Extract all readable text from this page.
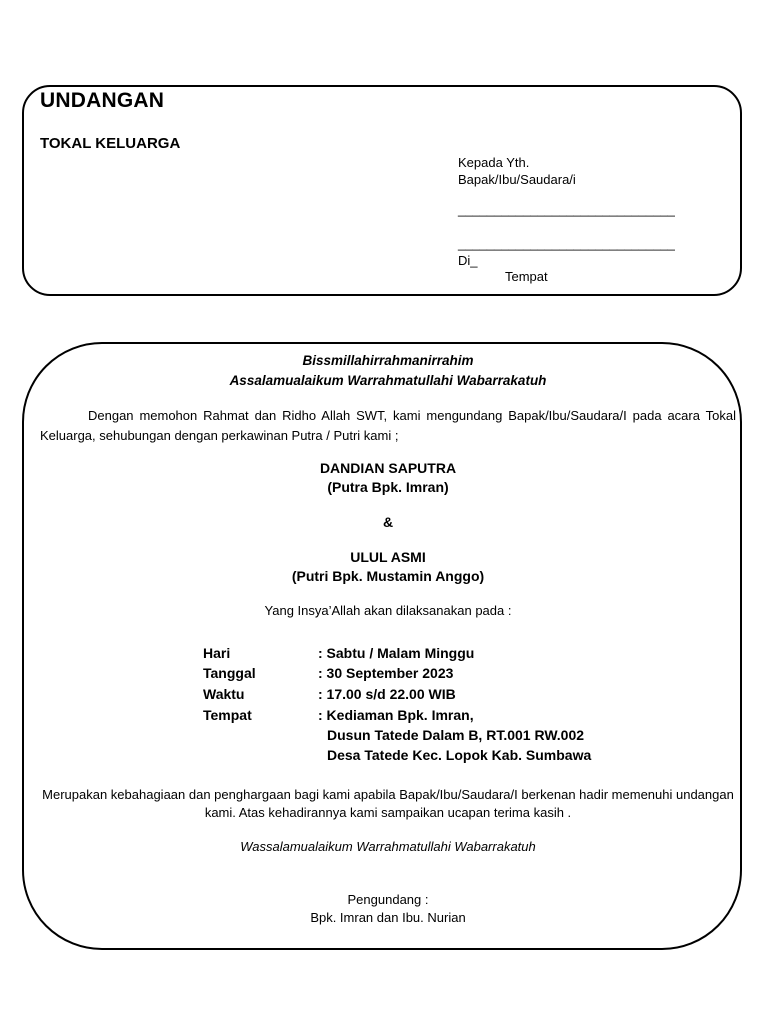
UNDANGAN
TOKAL KELUARGA
Kepada Yth.
Bapak/Ibu/Saudara/i
______________________________
______________________________
Di_
Tempat
Bissmillahirrahmanirrahim
Assalamualaikum Warrahmatullahi Wabarrakatuh
Dengan memohon Rahmat dan Ridho Allah SWT, kami mengundang Bapak/Ibu/Saudara/I pada acara Tokal Keluarga, sehubungan dengan perkawinan Putra / Putri kami ;
DANDIAN SAPUTRA
(Putra Bpk. Imran)
&
ULUL ASMI
(Putri Bpk. Mustamin Anggo)
Yang Insya’Allah akan dilaksanakan pada :
Hari	: Sabtu / Malam Minggu
Tanggal	: 30 September 2023
Waktu	: 17.00 s/d 22.00 WIB
Tempat	: Kediaman Bpk. Imran,
Dusun Tatede Dalam B, RT.001 RW.002
Desa Tatede Kec. Lopok Kab. Sumbawa
Merupakan kebahagiaan dan penghargaan bagi kami apabila Bapak/Ibu/Saudara/I berkenan hadir memenuhi undangan kami. Atas kehadirannya kami sampaikan ucapan terima kasih .
Wassalamualaikum Warrahmatullahi Wabarrakatuh
Pengundang :
Bpk. Imran dan Ibu. Nurian
